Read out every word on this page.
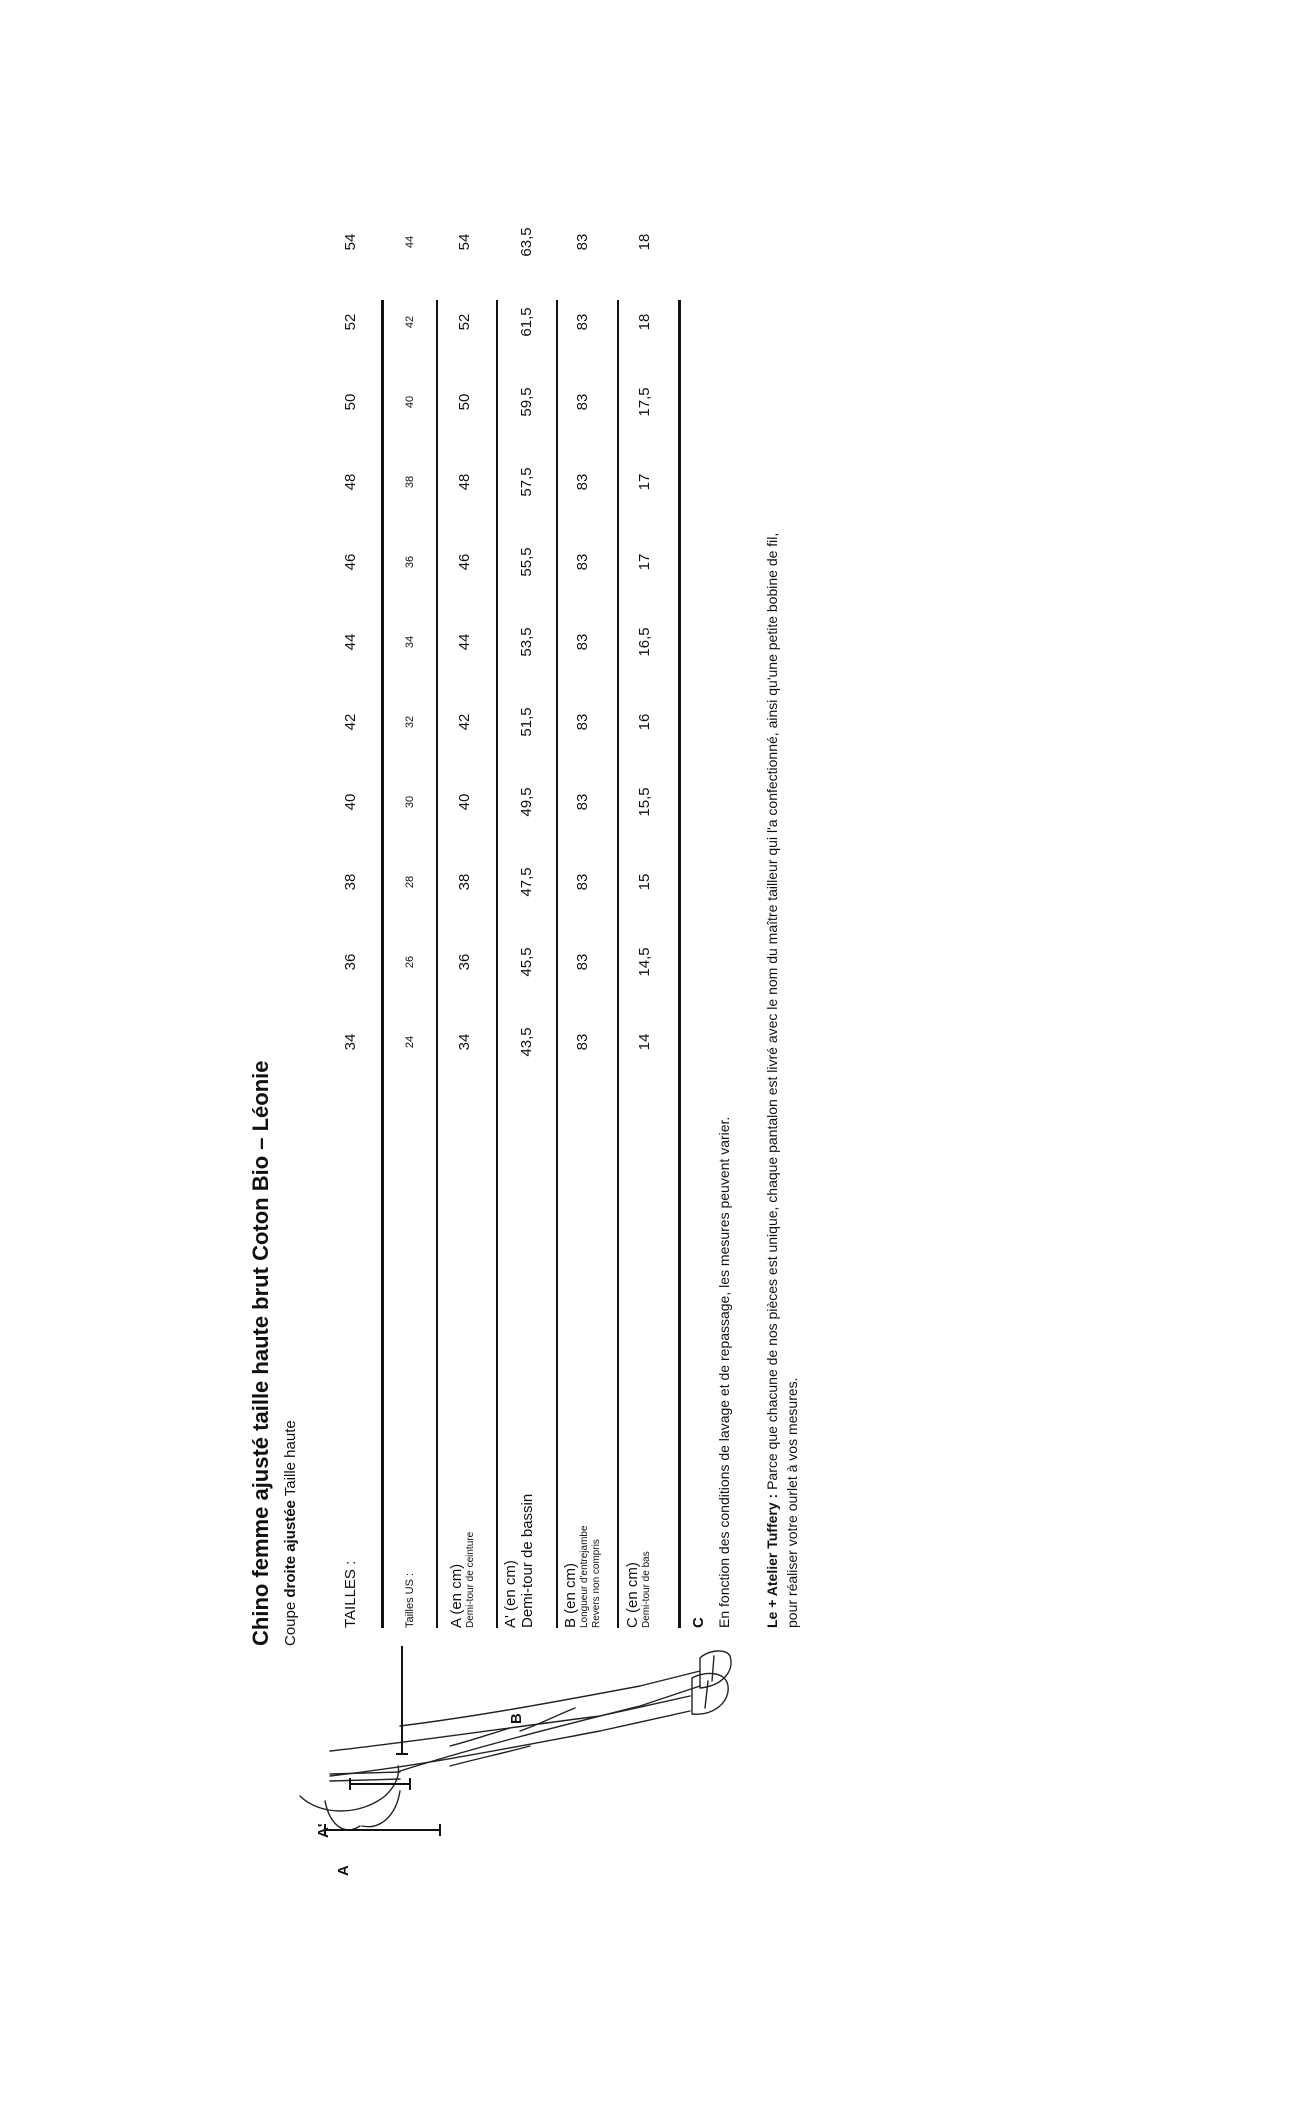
Chino femme ajusté taille haute brut Coton Bio – Léonie Coupe droite ajustée Taille haute
TAILLES :	Tailles US : A (en cm) Demi-tour de ceinture A' (en cm) Demi-tour de bassin B (en cm) Longueur d'entrejambe Revers non compris C (en cm) Demi-tour de bas
34
36
38
40
42
44
46
48
50
52
54
24
26
28
30
32
34
36
38
40
42
44
34
36
38
40
42
44
46
48
50
52
54
43,5
45,5
47,5
49,5
51,5
53,5
55,5
57,5
59,5
61,5
63,5
83
83
83
83
83
83
83
83
83
83
83
14
14,5
15
15,5
16
16,5
17
17
17,5
18
18
En fonction des conditions de lavage et de repassage, les mesures peuvent varier. Le + Atelier Tuffery : Parce que chacune de nos pièces est unique, chaque pantalon est livré avec le nom du maître tailleur qui l'a confectionné, ainsi qu'une petite bobine de fil, pour réaliser votre ourlet à vos mesures.
A
A'
B
C
